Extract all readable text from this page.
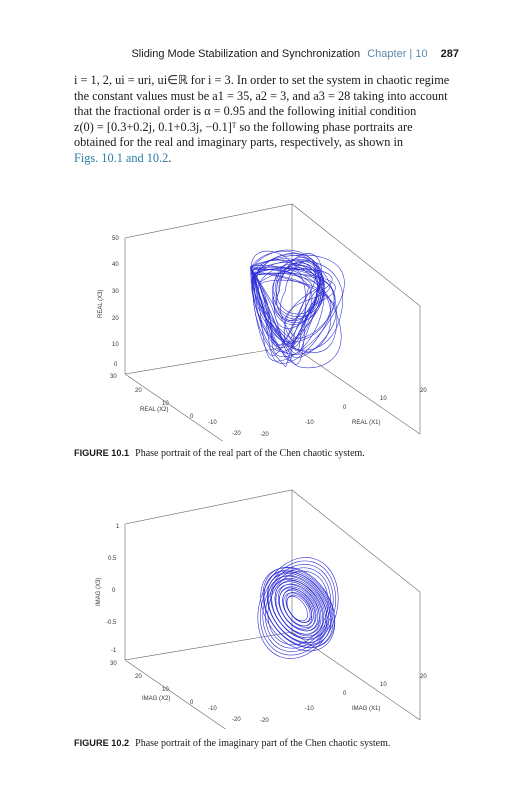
Sliding Mode Stabilization and Synchronization Chapter | 10 287
i = 1, 2, ui = uri, ui∈ℝ for i = 3. In order to set the system in chaotic regime
the constant values must be a1 = 35, a2 = 3, and a3 = 28 taking into account
that the fractional order is α = 0.95 and the following initial condition
z(0) = [0.3+0.2j, 0.1+0.3j, −0.1]ᵀ so the following phase portraits are
obtained for the real and imaginary parts, respectively, as shown in
Figs. 10.1 and 10.2.
50
40
30
20
10
0
30
20
10
0
-10
-20	-20
-10
0
10
20
REAL (X2)
REAL (X1)
REAL (X3)
FIGURE 10.1 Phase portrait of the real part of the Chen chaotic system.
1
0.5
0
-0.5
-1
30
20
10
0
-10
-20	-20
-10
0
10
20
IMAG (X2)
IMAG (X1)
IMAG (X3)
FIGURE 10.2 Phase portrait of the imaginary part of the Chen chaotic system.
